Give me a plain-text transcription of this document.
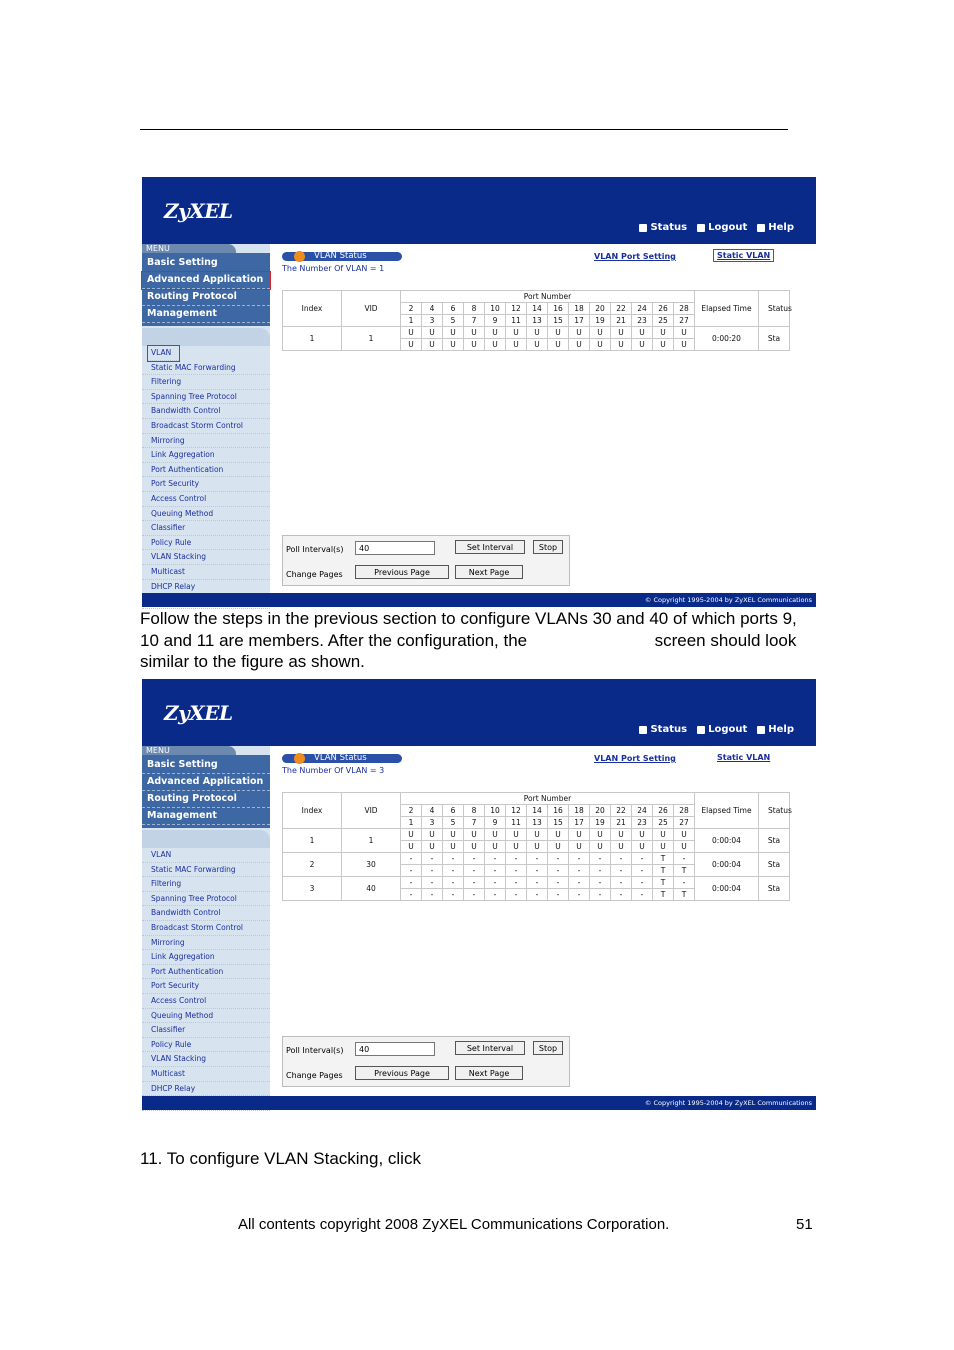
ZyXEL
Status Logout Help
MENU
Basic Setting
Advanced Application
Routing Protocol
Management
VLAN
Static MAC Forwarding
Filtering
Spanning Tree Protocol
Bandwidth Control
Broadcast Storm Control
Mirroring
Link Aggregation
Port Authentication
Port Security
Access Control
Queuing Method
Classifier
Policy Rule
VLAN Stacking
Multicast
DHCP Relay
VLAN Status
The Number Of VLAN = 1
VLAN Port Setting	Static VLAN
Index	VID	Port Number														Elapsed Time	Status
		2	4	6	8	10	12	14	16	18	20	22	24	26	28		
		1	3	5	7	9	11	13	15	17	19	21	23	25	27		
1	1	U	U	U	U	U	U	U	U	U	U	U	U	U	U	0:00:20	Sta
		U	U	U	U	U	U	U	U	U	U	U	U	U	U		
Poll Interval(s)	40	Set Interval	Stop
Change Pages	Previous Page	Next Page
© Copyright 1995-2004 by ZyXEL Communications
Follow the steps in the previous section to configure VLANs 30 and 40 of which ports 9, 10 and 11 are members. After the configuration, the	screen should look similar to the figure as shown.
ZyXEL
Status Logout Help
MENU
Basic Setting
Advanced Application
Routing Protocol
Management
VLAN
Static MAC Forwarding
Filtering
Spanning Tree Protocol
Bandwidth Control
Broadcast Storm Control
Mirroring
Link Aggregation
Port Authentication
Port Security
Access Control
Queuing Method
Classifier
Policy Rule
VLAN Stacking
Multicast
DHCP Relay
VLAN Status
The Number Of VLAN = 3
VLAN Port Setting	Static VLAN
Index	VID	Port Number														Elapsed Time	Status
		2	4	6	8	10	12	14	16	18	20	22	24	26	28		
		1	3	5	7	9	11	13	15	17	19	21	23	25	27		
1	1	U	U	U	U	U	U	U	U	U	U	U	U	U	U	0:00:04	Sta
		U	U	U	U	U	U	U	U	U	U	U	U	U	U		
2	30	-	-	-	-	-	-	-	-	-	-	-	-	T	-	0:00:04	Sta
		-	-	-	-	-	-	-	-	-	-	-	-	T	T		
3	40	-	-	-	-	-	-	-	-	-	-	-	-	T	-	0:00:04	Sta
		-	-	-	-	-	-	-	-	-	-	-	-	T	T		
Poll Interval(s)	40	Set Interval	Stop
Change Pages	Previous Page	Next Page
© Copyright 1995-2004 by ZyXEL Communications
11. To configure VLAN Stacking, click
All contents copyright 2008 ZyXEL Communications Corporation.	51
